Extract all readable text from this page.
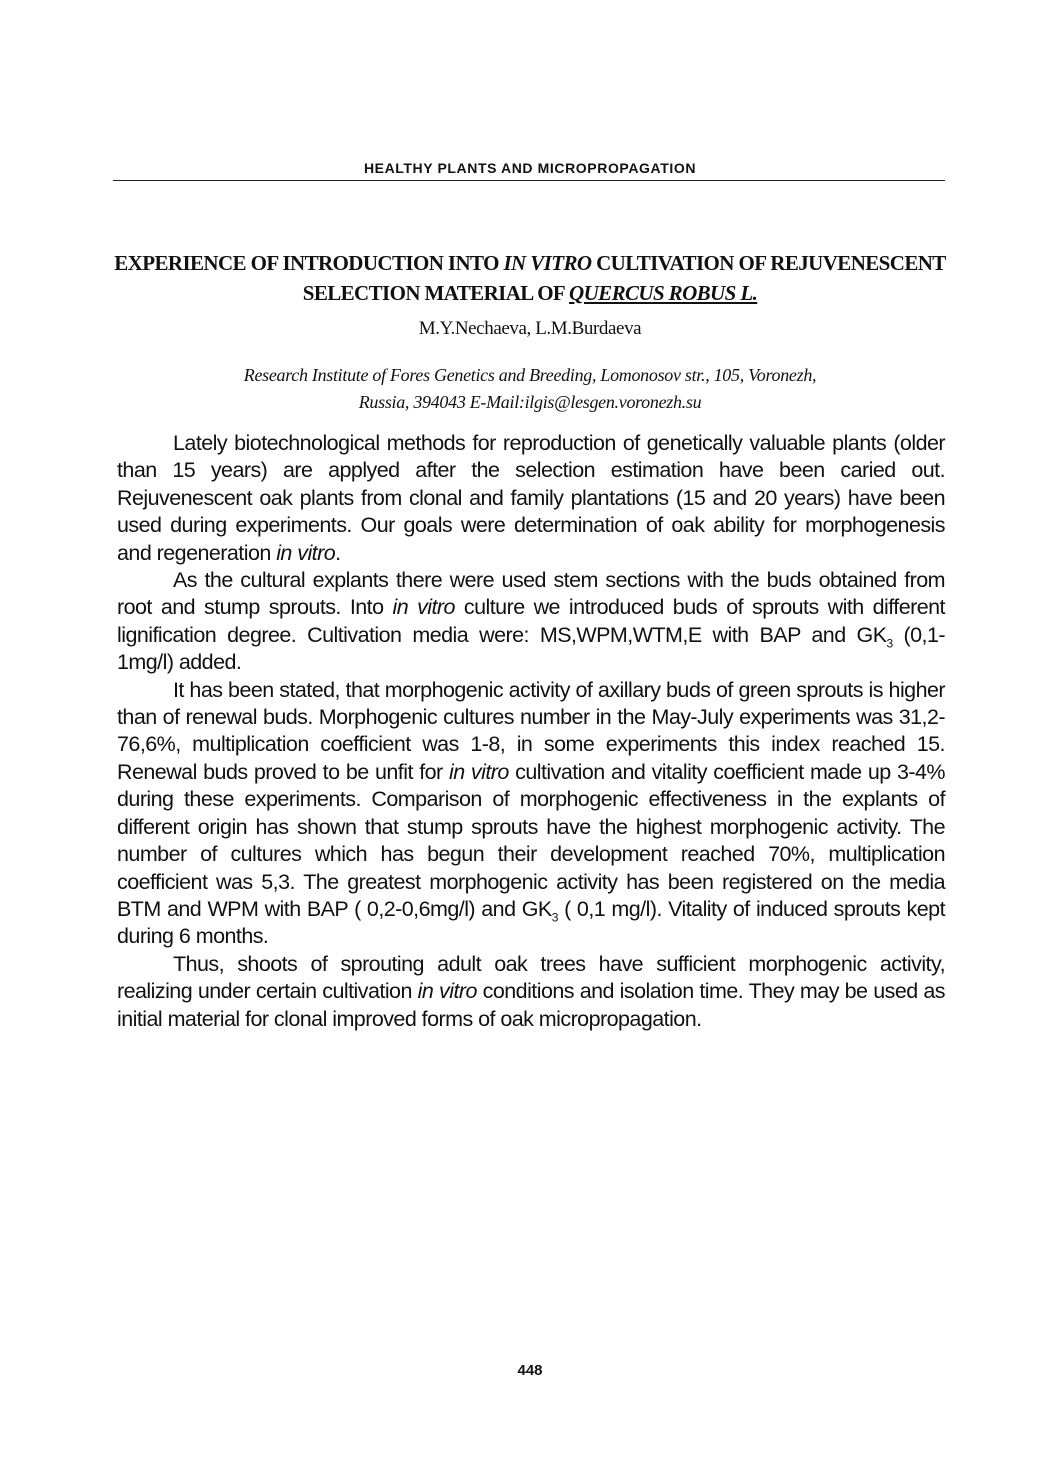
HEALTHY PLANTS AND MICROPROPAGATION
EXPERIENCE OF INTRODUCTION INTO IN VITRO CULTIVATION OF REJUVENESCENT SELECTION MATERIAL OF QUERCUS ROBUS L.
M.Y.Nechaeva, L.M.Burdaeva
Research Institute of Fores Genetics and Breeding, Lomonosov str., 105, Voronezh,
Russia, 394043 E-Mail:ilgis@lesgen.voronezh.su

Lately biotechnological methods for reproduction of genetically valuable plants (older than 15 years) are applyed after the selection estimation have been caried out. Rejuvenescent oak plants from clonal and family plantations (15 and 20 years) have been used during experiments. Our goals were determination of oak ability for morphogenesis and regeneration in vitro.

As the cultural explants there were used stem sections with the buds obtained from root and stump sprouts. Into in vitro culture we introduced buds of sprouts with different lignification degree. Cultivation media were: MS,WPM,WTM,E with BAP and $GK_3$ (0,1-1mg/l) added.

It has been stated, that morphogenic activity of axillary buds of green sprouts is higher than of renewal buds. Morphogenic cultures number in the May-July experiments was 31,2-76,6%, multiplication coefficient was 1-8, in some experiments this index reached 15. Renewal buds proved to be unfit for in vitro cultivation and vitality coefficient made up 3-4% during these experiments. Comparison of morphogenic effectiveness in the explants of different origin has shown that stump sprouts have the highest morphogenic activity. The number of cultures which has begun their development reached 70%, multiplication coefficient was 5,3. The greatest morphogenic activity has been registered on the media BTM and WPM with BAP ( 0,2-0,6mg/l) and $GK_3$ ( 0,1 mg/l). Vitality of induced sprouts kept during 6 months.

Thus, shoots of sprouting adult oak trees have sufficient morphogenic activity, realizing under certain cultivation in vitro conditions and isolation time. They may be used as initial material for clonal improved forms of oak micropropagation.

448
